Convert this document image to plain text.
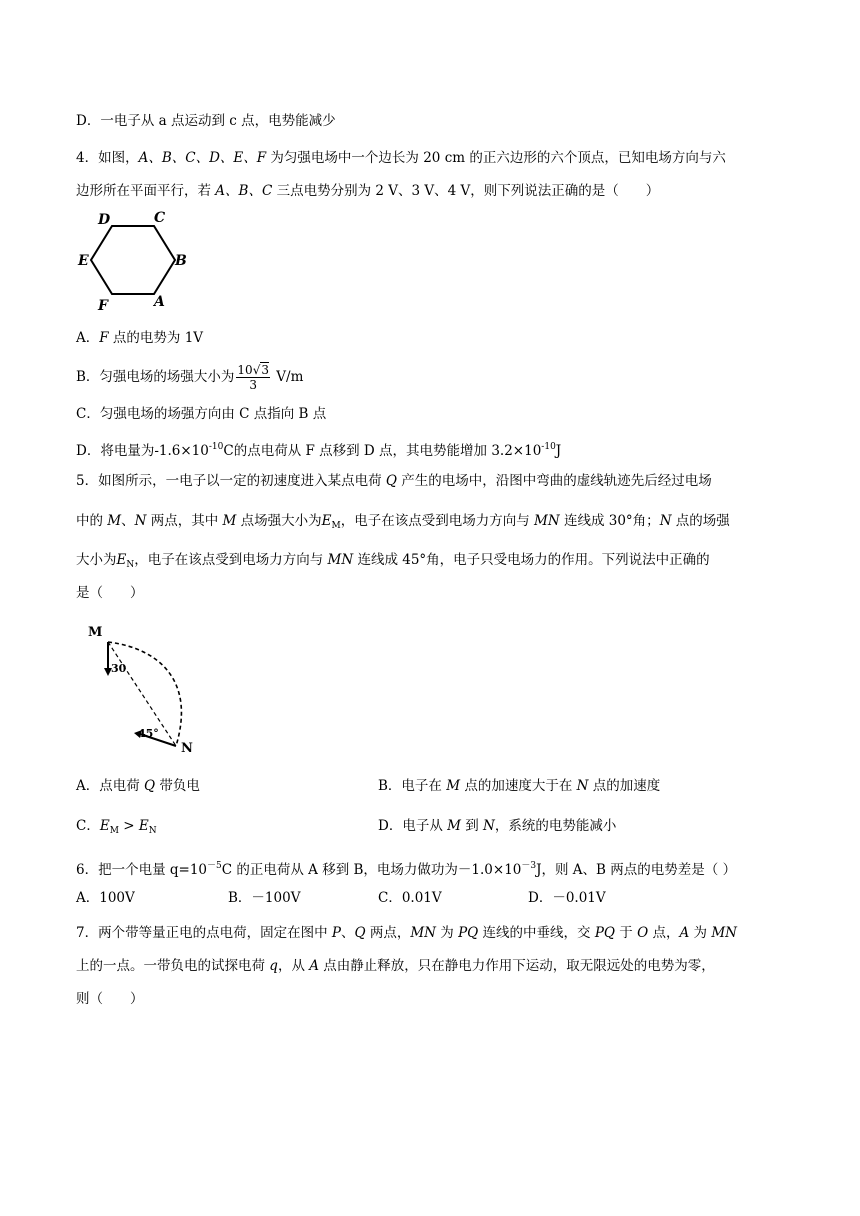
D．一电子从 a 点运动到 c 点，电势能减少
4．如图，A、B、C、D、E、F 为匀强电场中一个边长为 20 cm 的正六边形的六个顶点，已知电场方向与六
边形所在平面平行，若 A、B、C 三点电势分别为 2 V、3 V、4 V，则下列说法正确的是（　　）
D	C
E	B
F	A
A．F 点的电势为 1V
B．匀强电场的场强大小为 $\frac{10√3}{3} V/m$
C．匀强电场的场强方向由 C 点指向 B 点
D．将电量为$-1.6\times 10^{-10}C$的点电荷从 F 点移到 D 点，其电势能增加 $3.2\times 10^{-10}J$
5．如图所示，一电子以一定的初速度进入某点电荷 Q 产生的电场中，沿图中弯曲的虚线轨迹先后经过电场
中的 M、N 两点，其中 M 点场强大小为$E_M$，电子在该点受到电场力方向与 MN 连线成 30°角；N 点的场强
大小为$E_N$，电子在该点受到电场力方向与 MN 连线成 45°角，电子只受电场力的作用。下列说法中正确的
是（　　）
M
30
45°
N
A．点电荷 Q 带负电	B．电子在 M 点的加速度大于在 N 点的加速度
C．$E_M > E_N$	D．电子从 M 到 N，系统的电势能减小
6．把一个电量 $q=10^{-5}C$ 的正电荷从 A 移到 B，电场力做功为$-1.0\times 10^{-3}J$，则 A、B 两点的电势差是（ ）
A．100V	B．－100V	C．0.01V	D．－0.01V
7．两个带等量正电的点电荷，固定在图中 P、Q 两点，MN 为 PQ 连线的中垂线，交 PQ 于 O 点，A 为 MN
上的一点。一带负电的试探电荷 q，从 A 点由静止释放，只在静电力作用下运动，取无限远处的电势为零，
则（　　）
